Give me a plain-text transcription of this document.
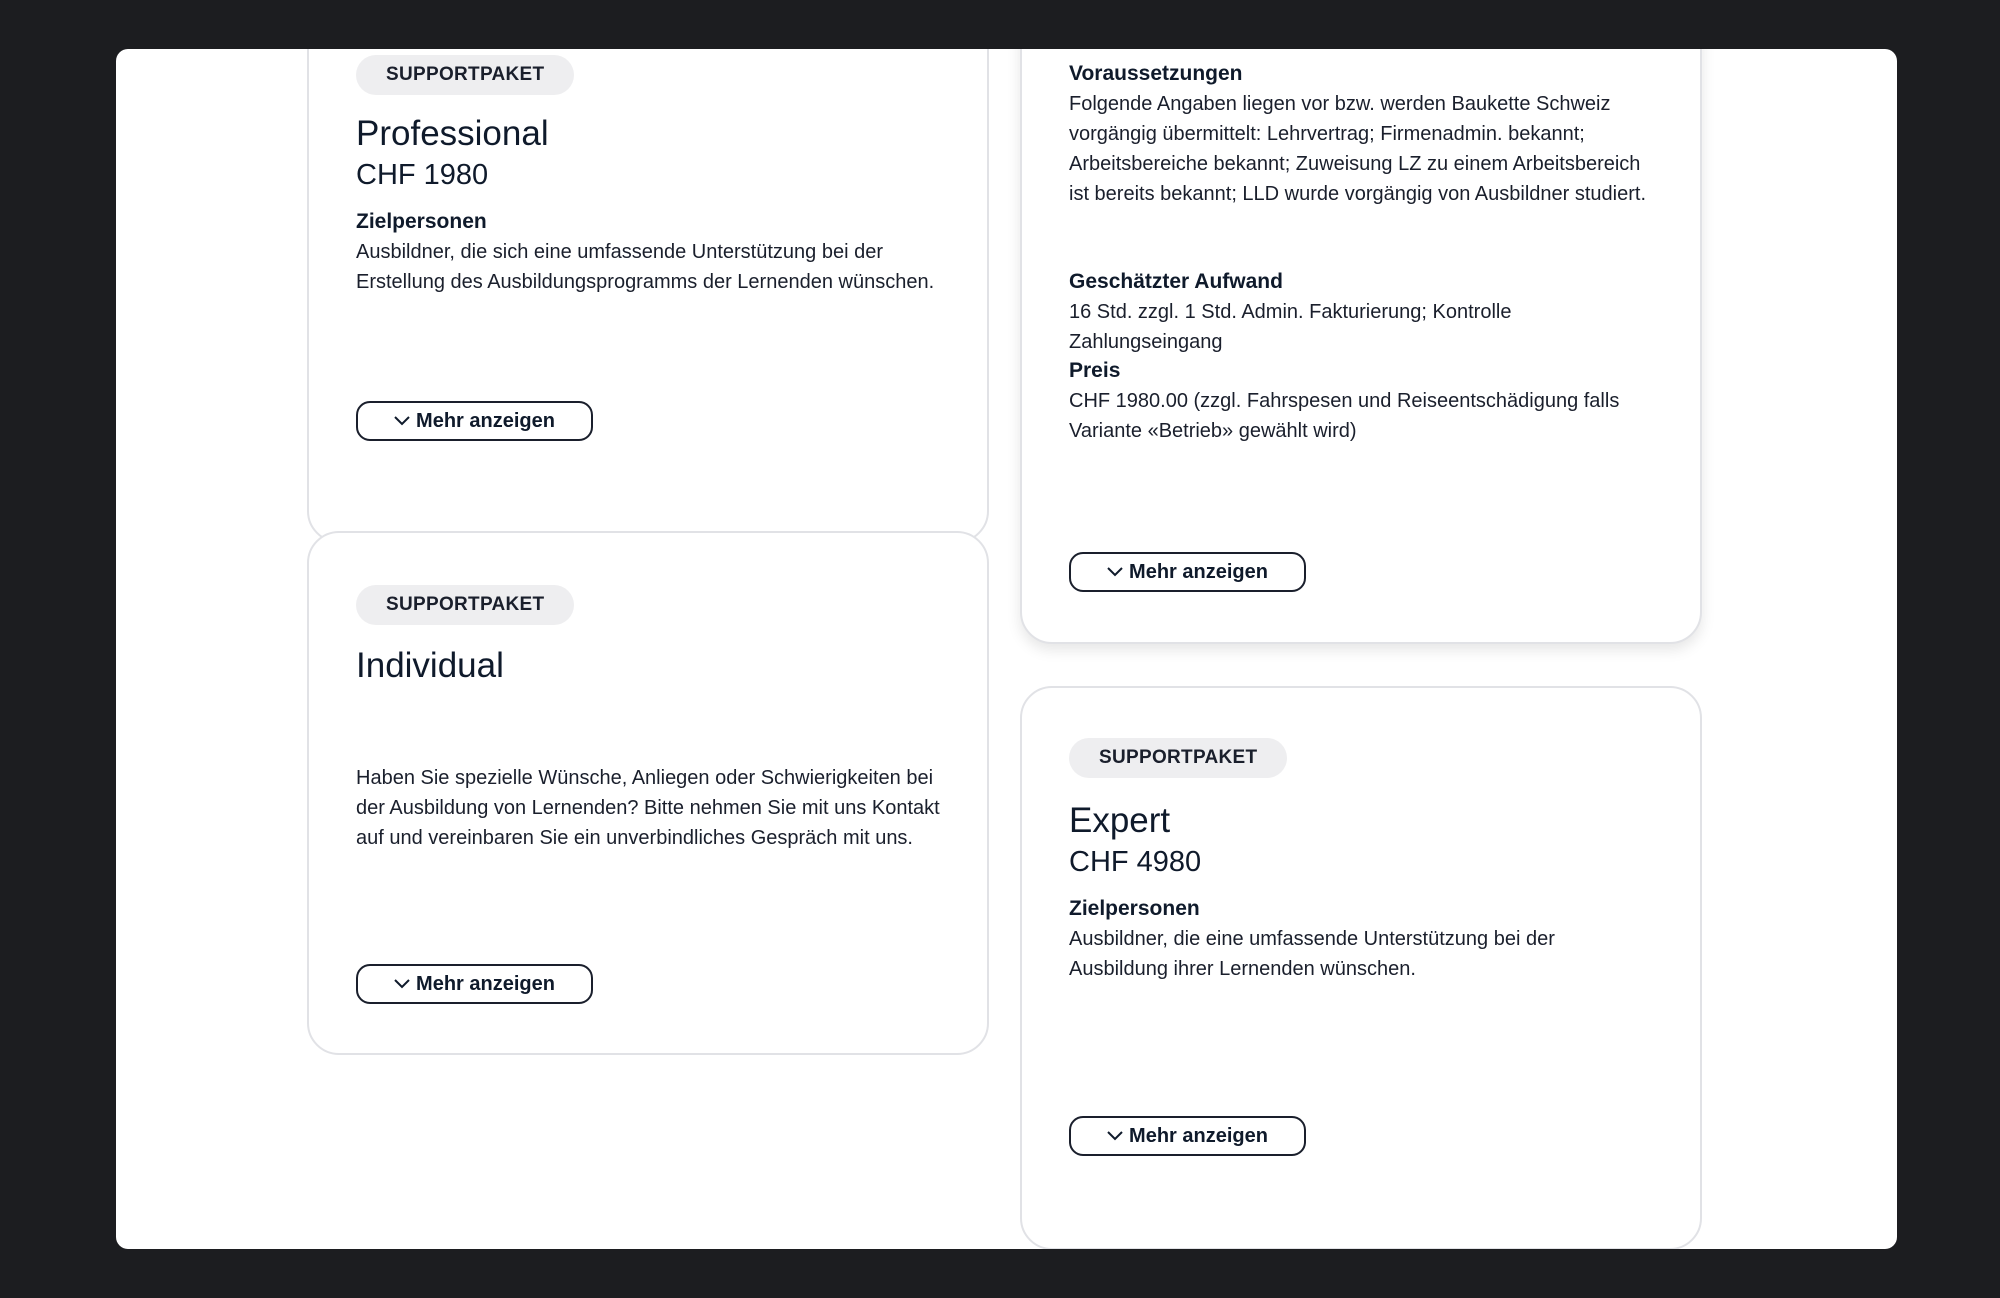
SUPPORTPAKET
Professional
CHF 1980
Zielpersonen
Ausbildner, die sich eine umfassende Unterstützung bei der Erstellung des Ausbildungsprogramms der Lernenden wünschen.
Mehr anzeigen
Voraussetzungen
Folgende Angaben liegen vor bzw. werden Baukette Schweiz vorgängig übermittelt: Lehrvertrag; Firmenadmin. bekannt; Arbeitsbereiche bekannt; Zuweisung LZ zu einem Arbeitsbereich ist bereits bekannt; LLD wurde vorgängig von Ausbildner studiert.
Geschätzter Aufwand
16 Std. zzgl. 1 Std. Admin. Fakturierung; Kontrolle Zahlungseingang
Preis
CHF 1980.00 (zzgl. Fahrspesen und Reiseentschädigung falls Variante «Betrieb» gewählt wird)
Mehr anzeigen
SUPPORTPAKET
Individual
Haben Sie spezielle Wünsche, Anliegen oder Schwierigkeiten bei der Ausbildung von Lernenden? Bitte nehmen Sie mit uns Kontakt auf und vereinbaren Sie ein unverbindliches Gespräch mit uns.
Mehr anzeigen
SUPPORTPAKET
Expert
CHF 4980
Zielpersonen
Ausbildner, die eine umfassende Unterstützung bei der Ausbildung ihrer Lernenden wünschen.
Mehr anzeigen
